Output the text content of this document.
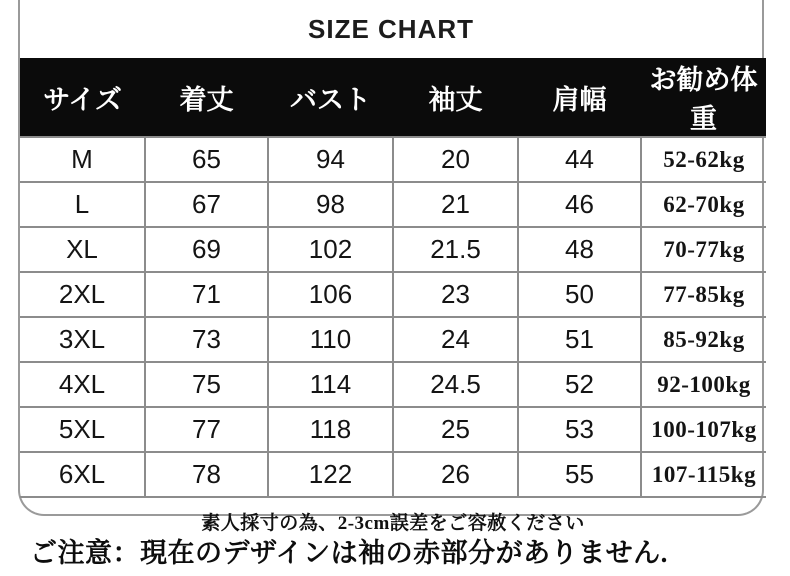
SIZE CHART
サイズ	着丈	バスト	袖丈	肩幅	お勧め体重
M	65	94	20	44	52-62kg
L	67	98	21	46	62-70kg
XL	69	102	21.5	48	70-77kg
2XL	71	106	23	50	77-85kg
3XL	73	110	24	51	85-92kg
4XL	75	114	24.5	52	92-100kg
5XL	77	118	25	53	100-107kg
6XL	78	122	26	55	107-115kg
素人採寸の為、2-3cm誤差をご容赦ください					
ご注意：現在のデザインは袖の赤部分がありません.
